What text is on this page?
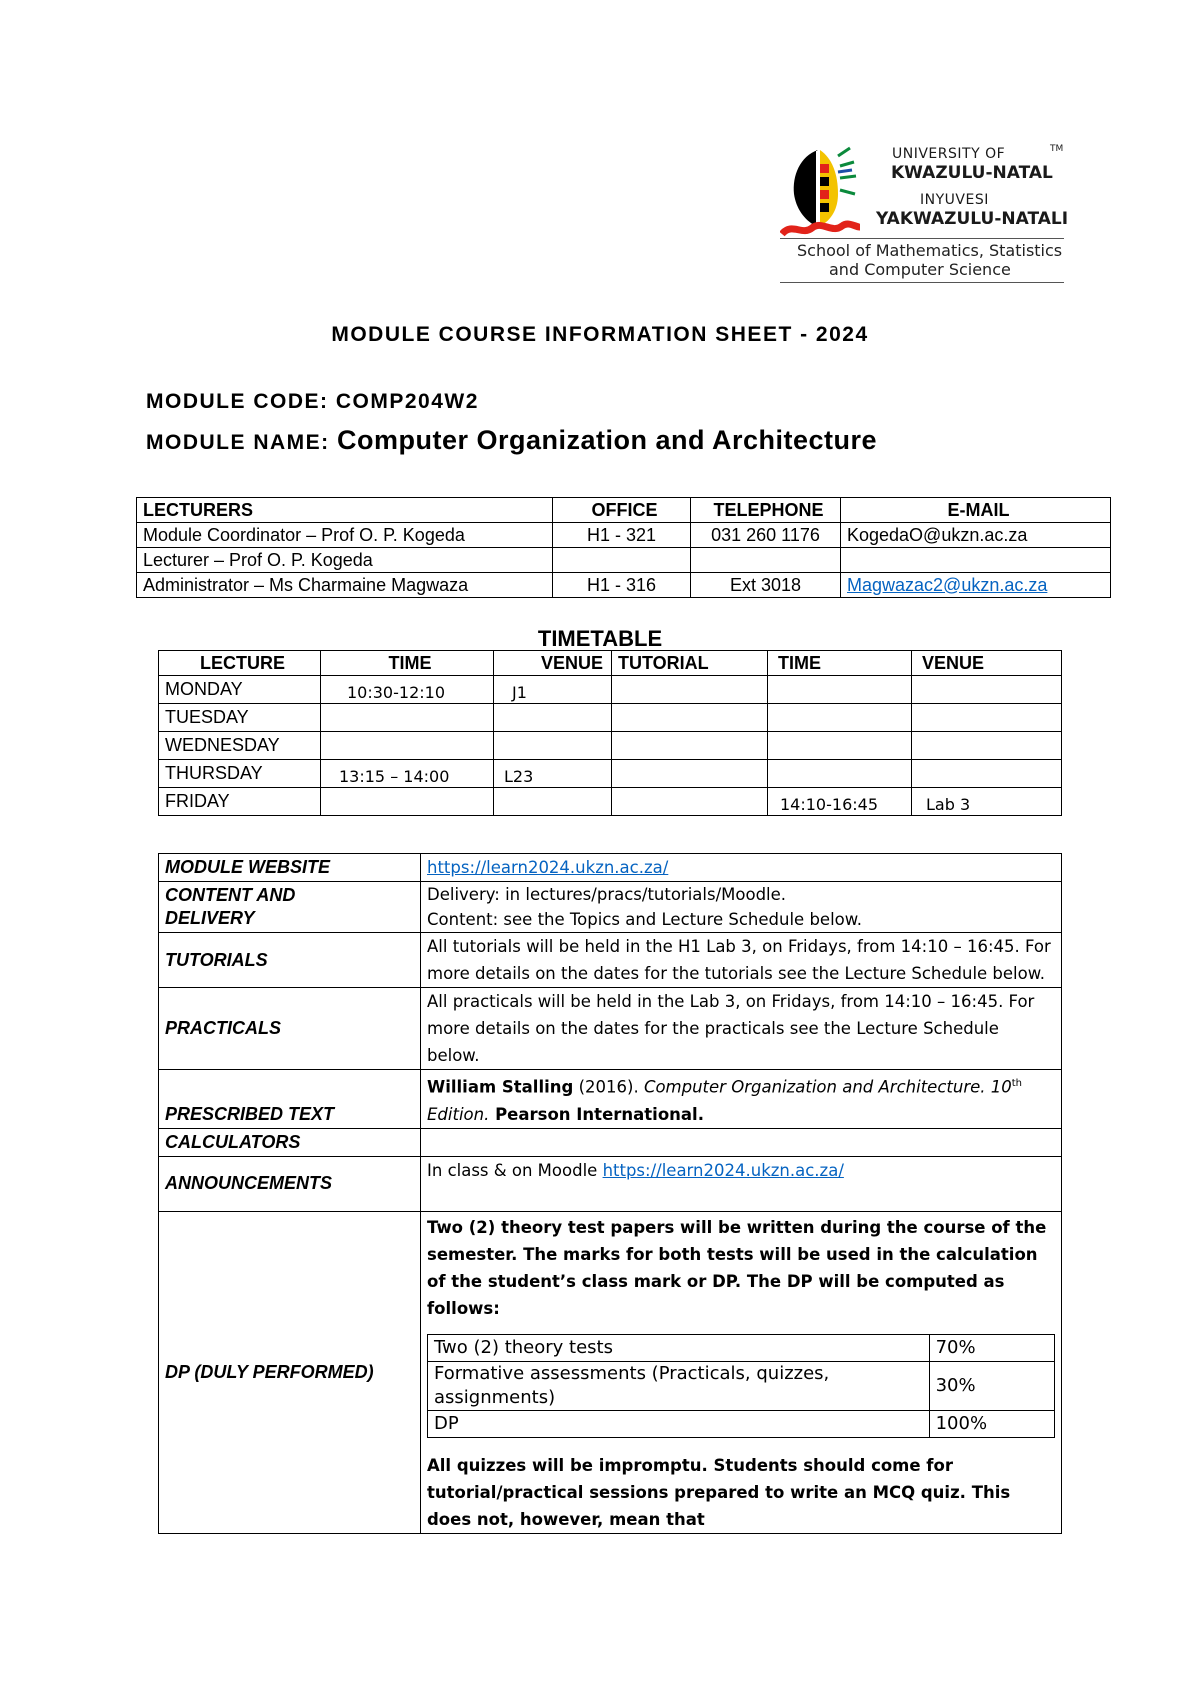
UNIVERSITY OF	TM
KWAZULU-NATAL
INYUVESI
YAKWAZULU-NATALI
School of Mathematics, Statistics
and Computer Science
MODULE COURSE INFORMATION SHEET - 2024
MODULE CODE: COMP204W2
MODULE NAME: Computer Organization and Architecture
LECTURERS	OFFICE	TELEPHONE	E-MAIL
Module Coordinator – Prof O. P. Kogeda	H1 - 321	031 260 1176	KogedaO@ukzn.ac.za
Lecturer – Prof O. P. Kogeda			
Administrator – Ms Charmaine Magwaza	H1 - 316	Ext 3018	Magwazac2@ukzn.ac.za
TIMETABLE
LECTURE	TIME	VENUE	TUTORIAL	TIME	VENUE
MONDAY	10:30-12:10	J1			
TUESDAY					
WEDNESDAY					
THURSDAY	13:15 – 14:00	L23			
FRIDAY				14:10-16:45	Lab 3
MODULE WEBSITE	https://learn2024.ukzn.ac.za/

CONTENT AND
DELIVERY

Delivery: in lectures/pracs/tutorials/Moodle.
Content: see the Topics and Lecture Schedule below.

TUTORIALS	All tutorials will be held in the H1 Lab 3, on Fridays, from 14:10 – 16:45. For more details on the dates for the tutorials see the Lecture Schedule below.
PRACTICALS	All practicals will be held in the Lab 3, on Fridays, from 14:10 – 16:45. For more details on the dates for the practicals see the Lecture Schedule below.
PRESCRIBED TEXT	William Stalling (2016). Computer Organization and Architecture. 10th
Edition. Pearson International.
CALCULATORS	
ANNOUNCEMENTS	In class & on Moodle https://learn2024.ukzn.ac.za/
DP (DULY PERFORMED)	
Two (2) theory test papers will be written during the course of the semester. The marks for both tests will be used in the calculation of the student’s class mark or DP. The DP will be computed as follows:
Two (2) theory tests	70%
Formative assessments (Practicals, quizzes, assignments)	30%
DP	100%
All quizzes will be impromptu. Students should come for tutorial/practical sessions prepared to write an MCQ quiz. This does not, however, mean that
